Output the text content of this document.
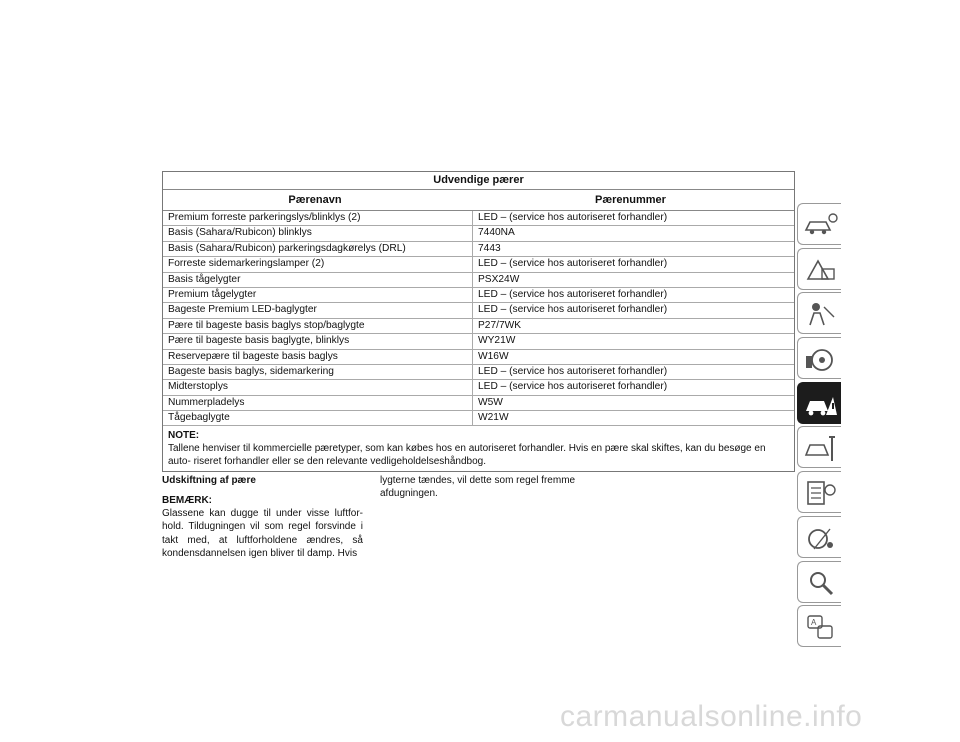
Udvendige pærer
Pærenavn	Pærenummer
Premium forreste parkeringslys/blinklys (2)	LED – (service hos autoriseret forhandler)
Basis (Sahara/Rubicon) blinklys	7440NA
Basis (Sahara/Rubicon) parkeringsdagkørelys (DRL)	7443
Forreste sidemarkeringslamper (2)	LED – (service hos autoriseret forhandler)
Basis tågelygter	PSX24W
Premium tågelygter	LED – (service hos autoriseret forhandler)
Bageste Premium LED-baglygter	LED – (service hos autoriseret forhandler)
Pære til bageste basis baglys stop/baglygte	P27/7WK
Pære til bageste basis baglygte, blinklys	WY21W
Reservepære til bageste basis baglys	W16W
Bageste basis baglys, sidemarkering	LED – (service hos autoriseret forhandler)
Midterstoplys	LED – (service hos autoriseret forhandler)
Nummerpladelys	W5W
Tågebaglygte	W21W
NOTE:
Tallene henviser til kommercielle pæretyper, som kan købes hos en autoriseret forhandler. Hvis en pære skal skiftes, kan du besøge en auto- riseret forhandler eller se den relevante vedligeholdelseshåndbog.
Udskiftning af pære
BEMÆRK:
Glassene kan dugge til under visse luftfor- hold. Tildugningen vil som regel forsvinde i takt med, at luftforholdene ændres, så kondensdannelsen igen bliver til damp. Hvis
lygterne tændes, vil dette som regel fremme afdugningen.
A
carmanualsonline.info
